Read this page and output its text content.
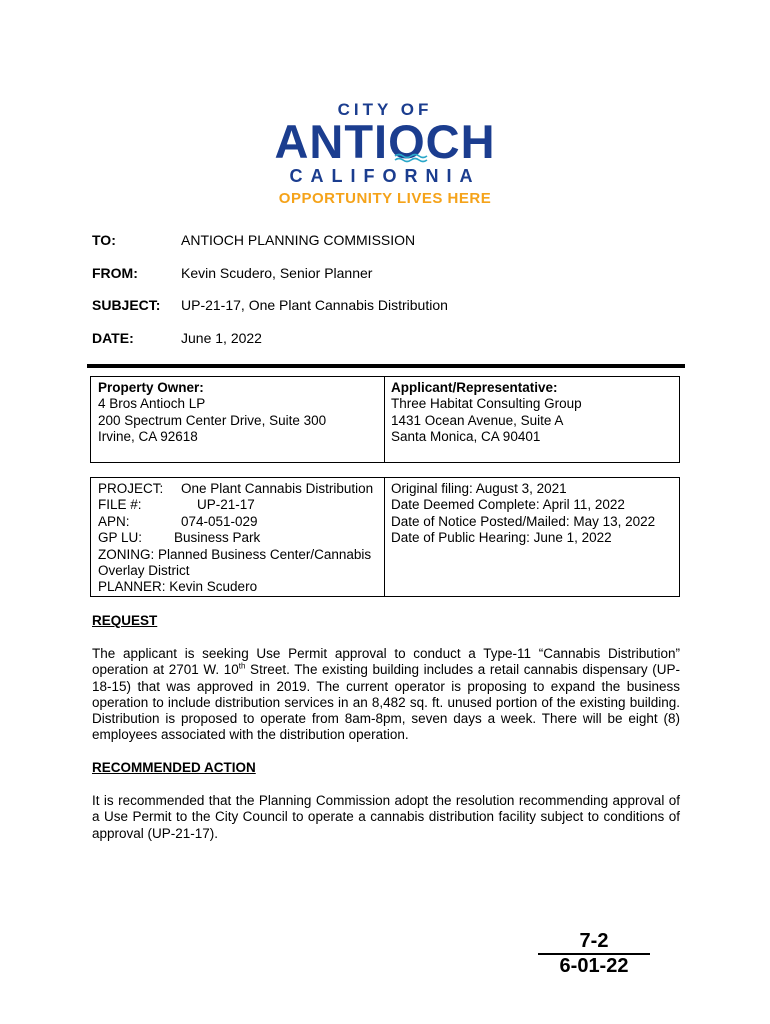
CITY OF
ANTIOCH
CALIFORNIA
OPPORTUNITY LIVES HERE
TO:	ANTIOCH PLANNING COMMISSION
FROM:	Kevin Scudero, Senior Planner
SUBJECT: UP-21-17, One Plant Cannabis Distribution
DATE:	June 1, 2022
Property Owner:
4 Bros Antioch LP
200 Spectrum Center Drive, Suite 300
Irvine, CA 92618
Applicant/Representative:
Three Habitat Consulting Group
1431 Ocean Avenue, Suite A
Santa Monica, CA 90401
PROJECT: One Plant Cannabis Distribution
FILE #:	UP-21-17
APN:	074-051-029
GP LU: Business Park
ZONING: Planned Business Center/Cannabis
Overlay District
PLANNER: Kevin Scudero
Original filing: August 3, 2021
Date Deemed Complete: April 11, 2022
Date of Notice Posted/Mailed: May 13, 2022
Date of Public Hearing: June 1, 2022
REQUEST
The applicant is seeking Use Permit approval to conduct a Type-11 “Cannabis Distribution” operation at 2701 W. 10th Street. The existing building includes a retail cannabis dispensary (UP-18-15) that was approved in 2019. The current operator is proposing to expand the business operation to include distribution services in an 8,482 sq. ft. unused portion of the existing building. Distribution is proposed to operate from 8am-8pm, seven days a week. There will be eight (8) employees associated with the distribution operation.
RECOMMENDED ACTION
It is recommended that the Planning Commission adopt the resolution recommending approval of a Use Permit to the City Council to operate a cannabis distribution facility subject to conditions of approval (UP-21-17).
7-2
6-01-22
